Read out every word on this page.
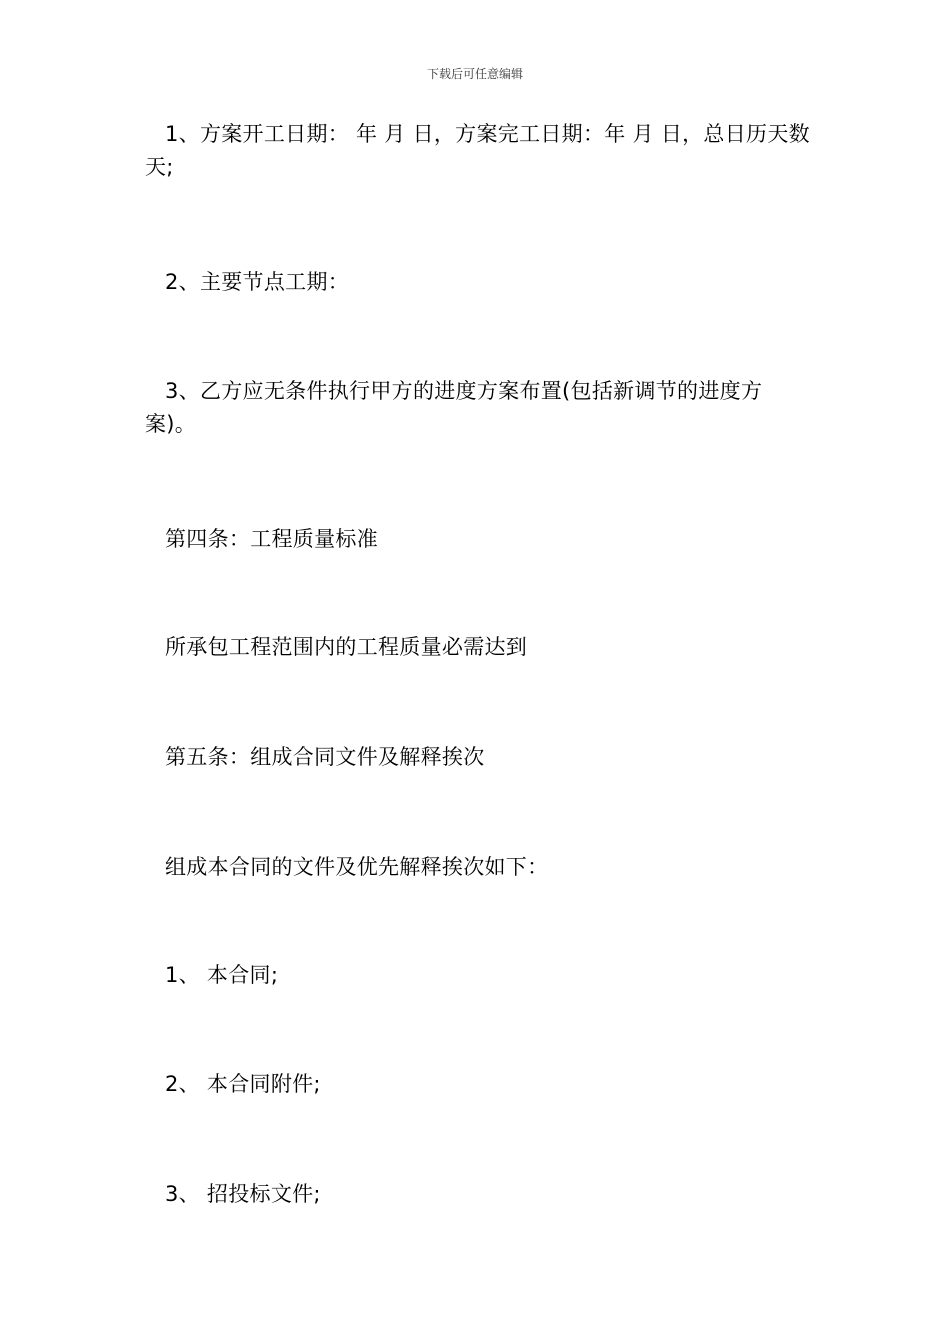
下载后可任意编辑
1、方案开工日期： 年 月 日，方案完工日期：年 月 日，总日历天数 天;
2、主要节点工期：
3、乙方应无条件执行甲方的进度方案布置(包括新调节的进度方案)。
第四条：工程质量标准
所承包工程范围内的工程质量必需达到
第五条：组成合同文件及解释挨次
组成本合同的文件及优先解释挨次如下：
1、 本合同;
2、 本合同附件;
3、 招投标文件;
